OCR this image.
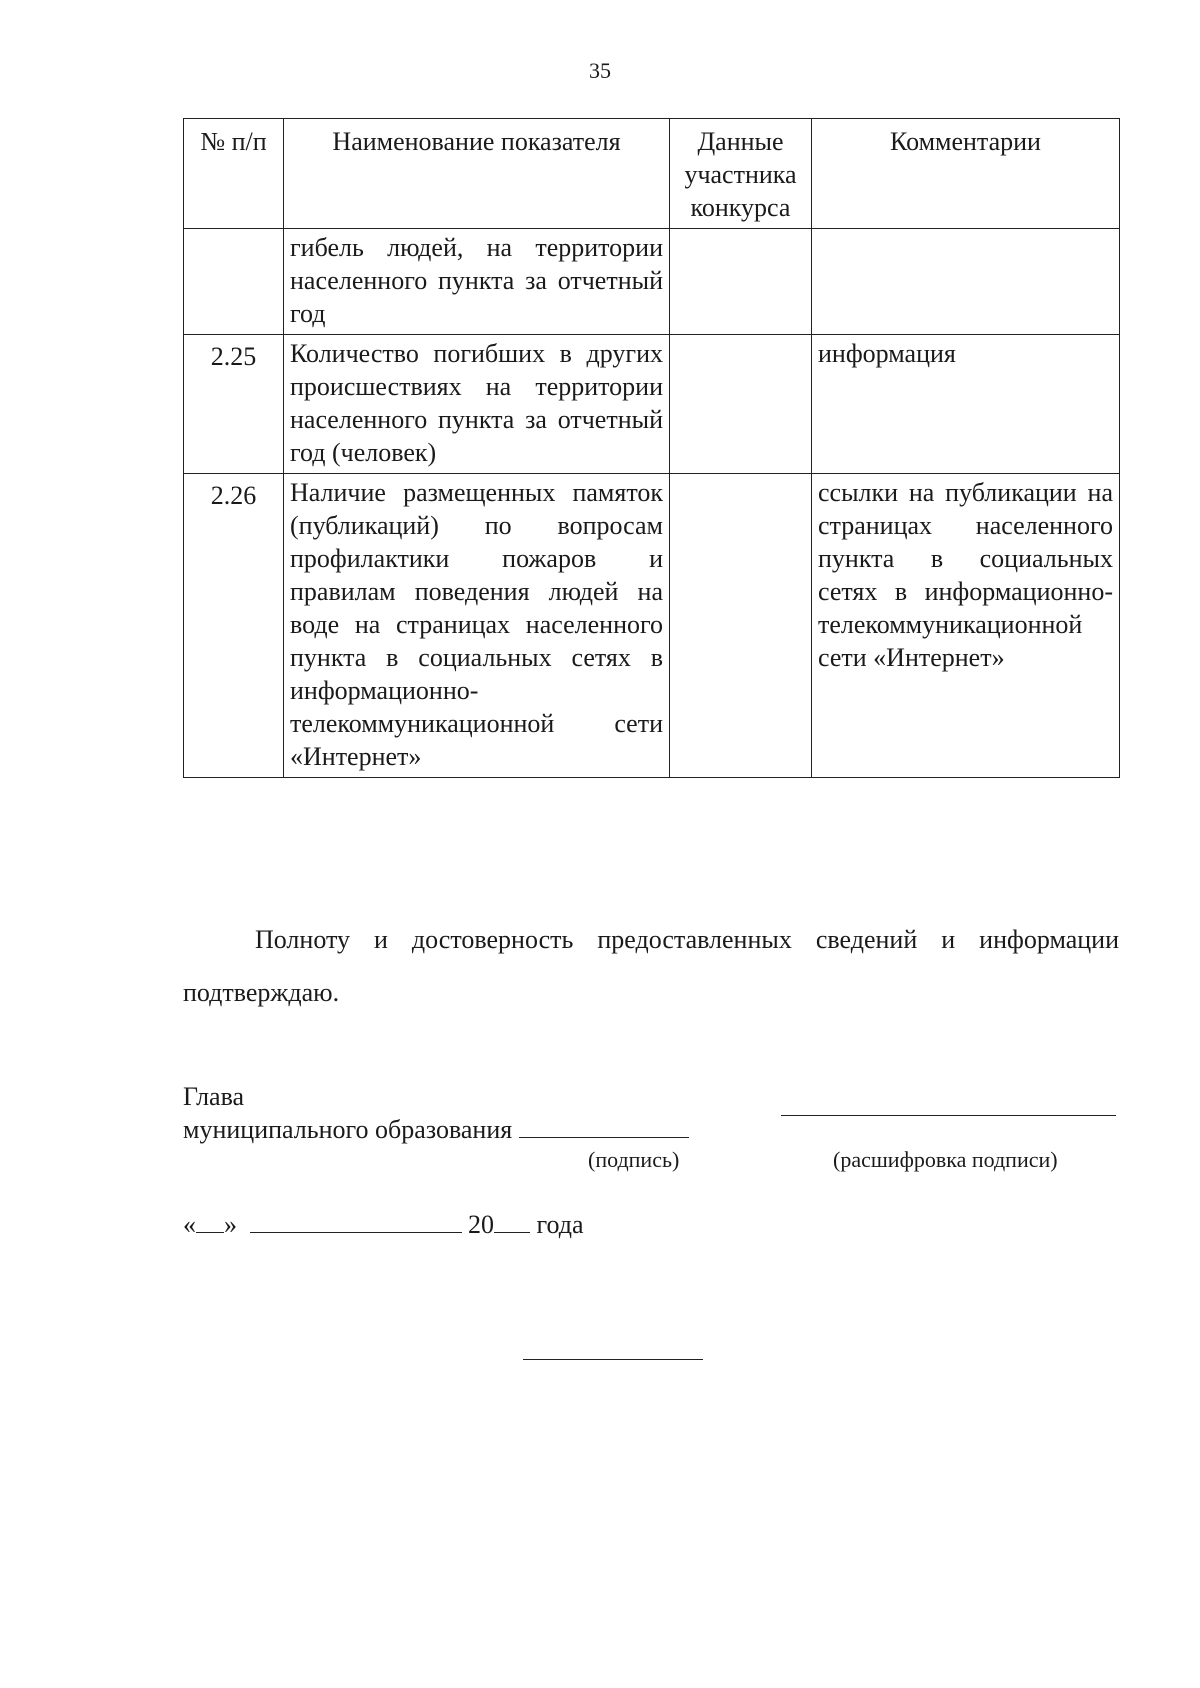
35
№ п/п	Наименование показателя	Данные участника конкурса	Комментарии
	гибель людей, на территории населенного пункта за отчетный год		
2.25	Количество погибших в других происшествиях на территории населенного пункта за отчетный год (человек)		информация
2.26	Наличие размещенных памяток (публикаций) по вопросам профилактики пожаров и правилам поведения людей на воде на страницах населенного пункта в социальных сетях в информационно-телекоммуникационной сети «Интернет»		ссылки на публикации на страницах населенного пункта в социальных сетях в информационно-телекоммуникационной сети «Интернет»

Полноту и достоверность предоставленных сведений и информации подтверждаю.

Глава
муниципального образования
(подпись)	(расшифровка подписи)
« »	20 года
